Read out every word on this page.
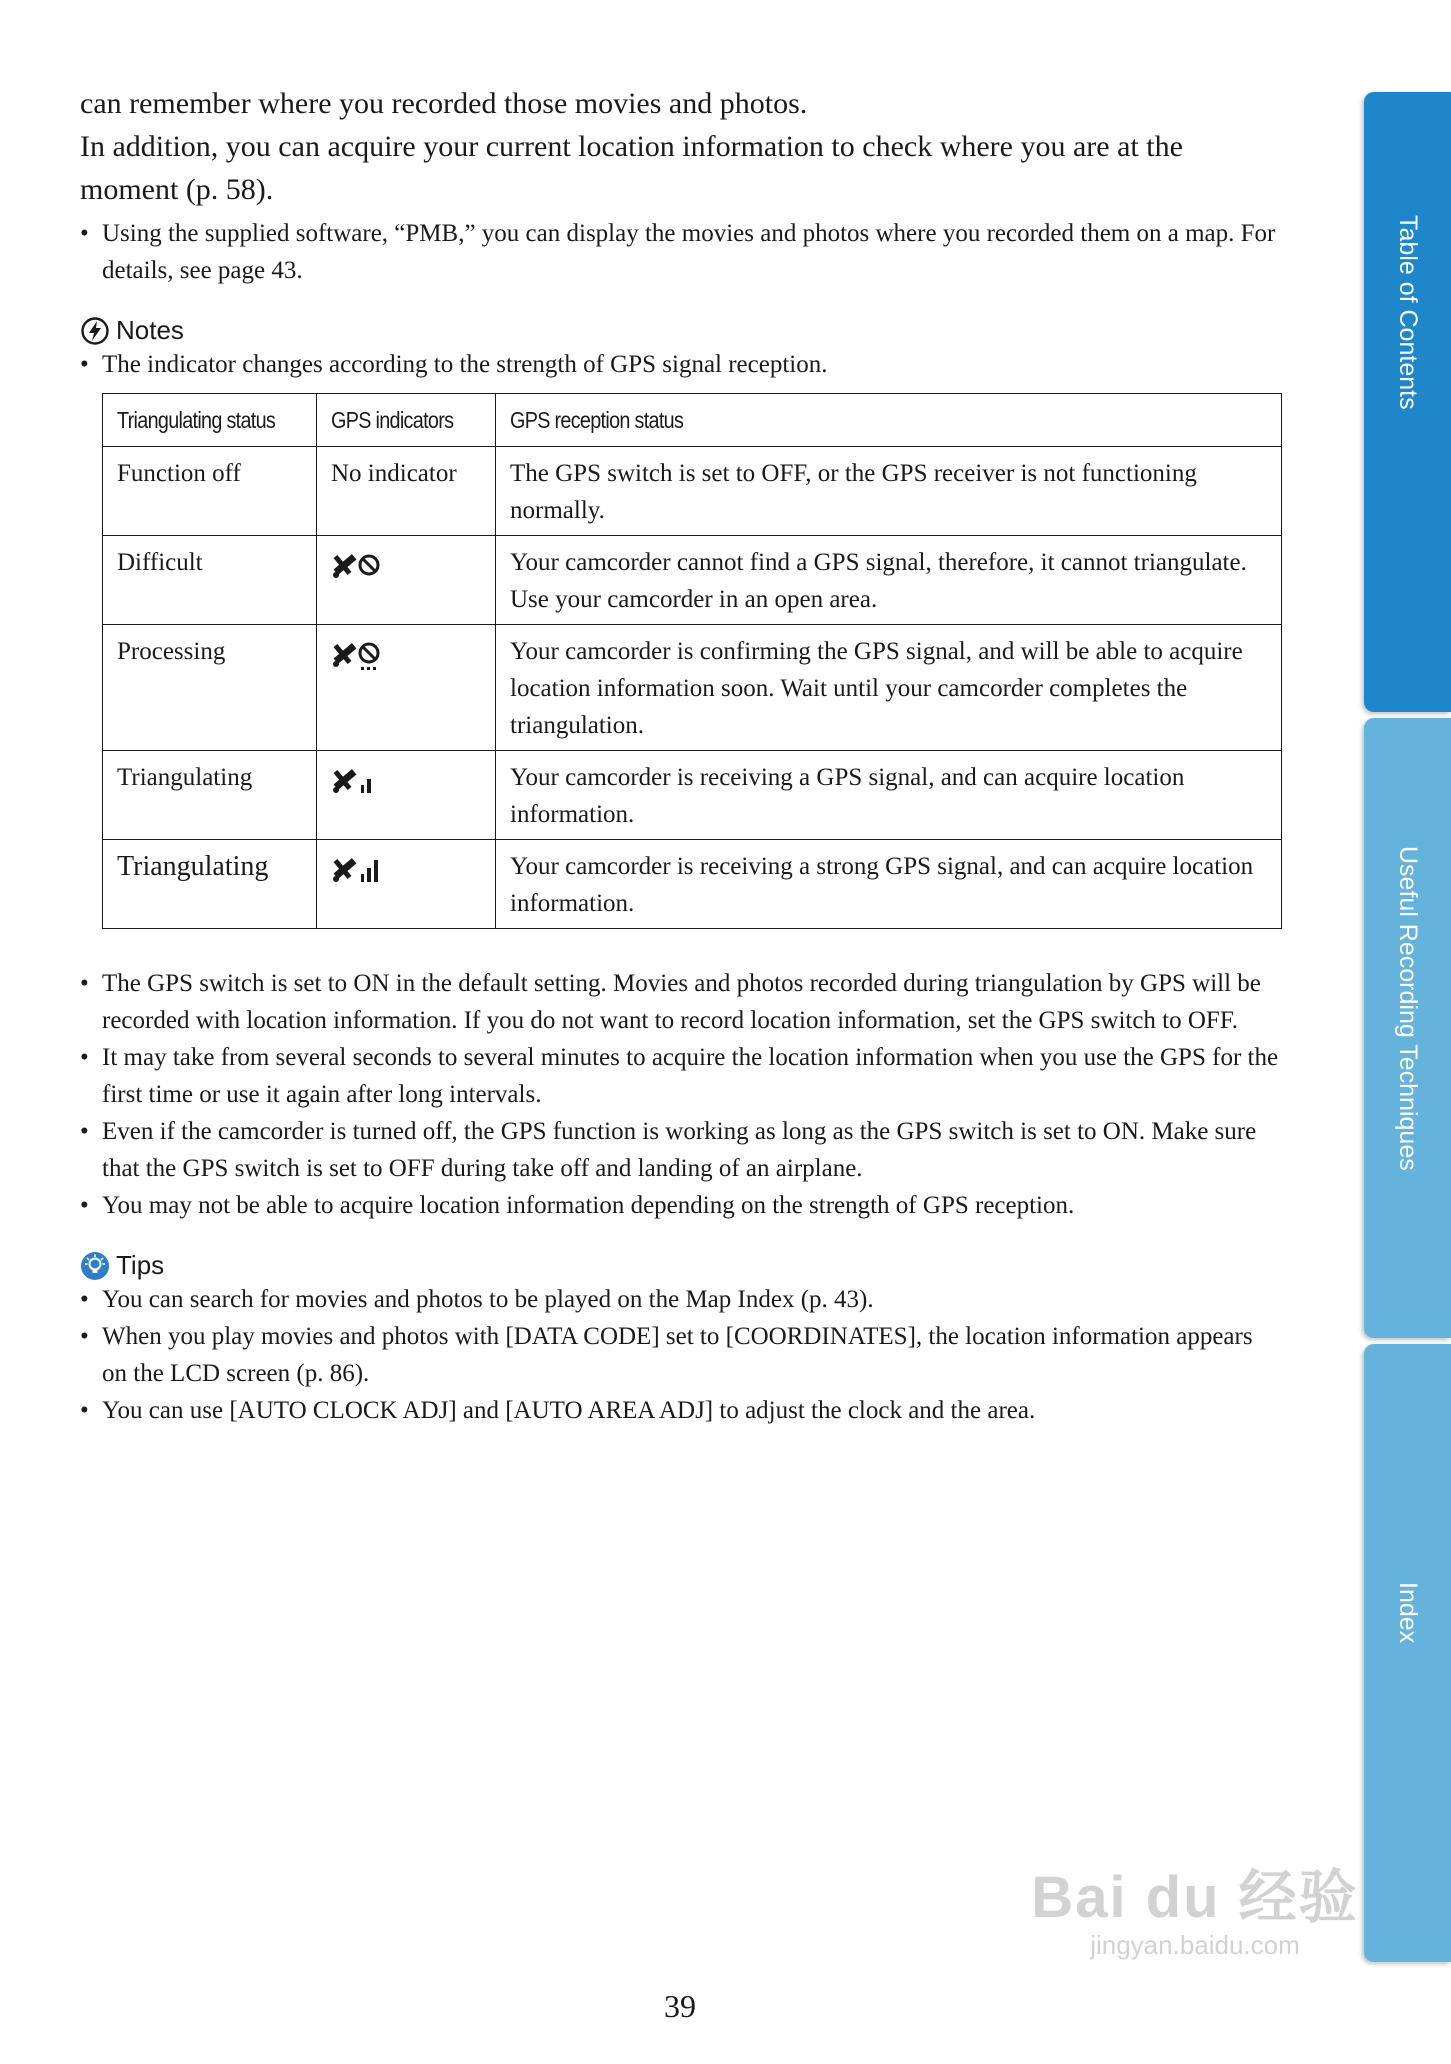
can remember where you recorded those movies and photos.

In addition, you can acquire your current location information to check where you are at the moment (p. 58).

• Using the supplied software, “PMB,” you can display the movies and photos where you recorded them on a map. For details, see page 43.
Notes
• The indicator changes according to the strength of GPS signal reception.
Triangulating status	GPS indicators	GPS reception status
Function off	No indicator	The GPS switch is set to OFF, or the GPS receiver is not functioning normally.
Difficult		Your camcorder cannot find a GPS signal, therefore, it cannot triangulate. Use your camcorder in an open area.
Processing		Your camcorder is confirming the GPS signal, and will be able to acquire location information soon. Wait until your camcorder completes the triangulation.
Triangulating		Your camcorder is receiving a GPS signal, and can acquire location information.
Triangulating		Your camcorder is receiving a strong GPS signal, and can acquire location information.
• The GPS switch is set to ON in the default setting. Movies and photos recorded during triangulation by GPS will be recorded with location information. If you do not want to record location information, set the GPS switch to OFF.
• It may take from several seconds to several minutes to acquire the location information when you use the GPS for the first time or use it again after long intervals.
• Even if the camcorder is turned off, the GPS function is working as long as the GPS switch is set to ON. Make sure that the GPS switch is set to OFF during take off and landing of an airplane.
• You may not be able to acquire location information depending on the strength of GPS reception.
Tips
• You can search for movies and photos to be played on the Map Index (p. 43).
• When you play movies and photos with [DATA CODE] set to [COORDINATES], the location information appears on the LCD screen (p. 86).
• You can use [AUTO CLOCK ADJ] and [AUTO AREA ADJ] to adjust the clock and the area.
39
Table of Contents
Useful Recording Techniques
Index
Bai du 经验
jingyan.baidu.com
